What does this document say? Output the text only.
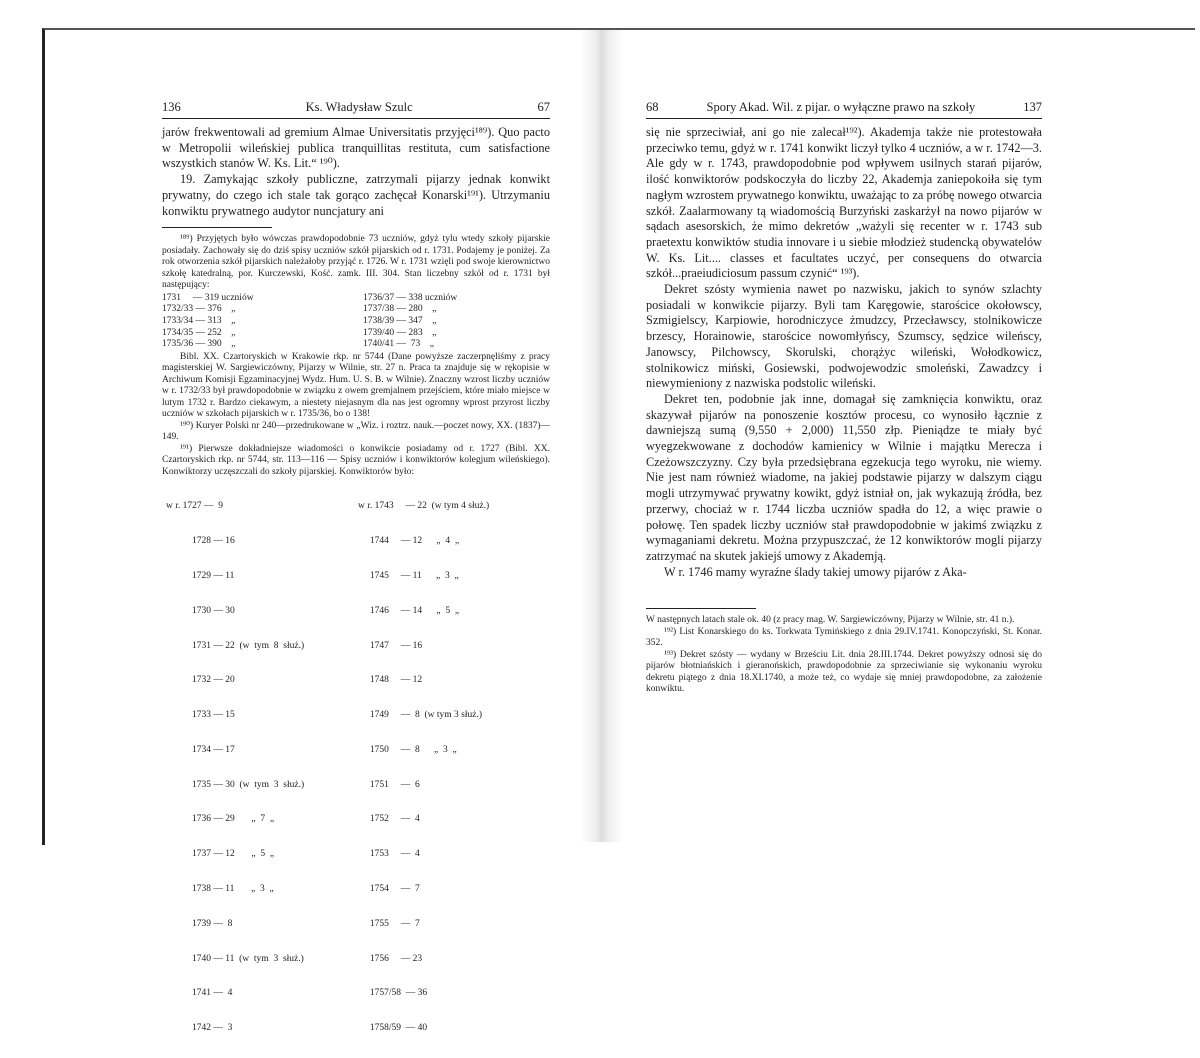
136	Ks. Władysław Szulc	67

jarów frekwentowali ad gremium Almae Universitatis przyjęci¹⁸⁹). Quo pacto w Metropolii wileńskiej publica tranquillitas restituta, cum satisfactione wszystkich stanów W. Ks. Lit.“ ¹⁹⁰).

19. Zamykając szkoły publiczne, zatrzymali pijarzy jednak konwikt prywatny, do czego ich stale tak gorąco zachęcał Konarski¹⁹¹). Utrzymaniu konwiktu prywatnego audytor nuncjatury ani

¹⁸⁹) Przyjętych było wówczas prawdopodobnie 73 uczniów, gdyż tylu wtedy szkoły pijarskie posiadały. Zachowały się do dziś spisy uczniów szkół pijarskich od r. 1731. Podajemy je poniżej. Za rok otworzenia szkół pijarskich należałoby przyjąć r. 1726. W r. 1731 wzięli pod swoje kierownictwo szkołę katedralną, por. Kurczewski, Kość. zamk. III. 304. Stan liczebny szkół od r. 1731 był następujący:

1731     — 319 uczniów
1732/33 — 376    „
1733/34 — 313    „
1734/35 — 252    „
1735/36 — 390    „
1736/37 — 338 uczniów
1737/38 — 280    „
1738/39 — 347    „
1739/40 — 283    „
1740/41 —  73    „

Bibl. XX. Czartoryskich w Krakowie rkp. nr 5744 (Dane powyższe zaczerpnęliśmy z pracy magisterskiej W. Sargiewiczówny, Pijarzy w Wilnie, str. 27 n. Praca ta znajduje się w rękopisie w Archiwum Komisji Egzaminacyjnej Wydz. Hum. U. S. B. w Wilnie). Znaczny wzrost liczby uczniów w r. 1732/33 był prawdopodobnie w związku z owem gremjalnem przejściem, które miało miejsce w lutym 1732 r. Bardzo ciekawym, a niestety niejasnym dla nas jest ogromny wprost przyrost liczby uczniów w szkołach pijarskich w r. 1735/36, bo o 138!

¹⁹⁰) Kuryer Polski nr 240—przedrukowane w „Wiz. i roztrz. nauk.—poczet nowy, XX. (1837)—149.

¹⁹¹) Pierwsze dokładniejsze wiadomości o konwikcie posiadamy od r. 1727 (Bibl. XX. Czartoryskich rkp. nr 5744, str. 113—116 — Spisy uczniów i konwiktorów kolegjum wileńskiego). Konwiktorzy uczęszczali do szkoły pijarskiej. Konwiktorów było:

w r. 1727 —  9

1728 — 16

1729 — 11

1730 — 30

1731 — 22  (w  tym  8  służ.)

1732 — 20

1733 — 15

1734 — 17

1735 — 30  (w  tym  3  służ.)

1736 — 29       „  7  „

1737 — 12       „  5  „

1738 — 11       „  3  „

1739 —  8

1740 — 11  (w  tym  3  służ.)

1741 —  4

1742 —  3

w r. 1743     — 22  (w tym 4 służ.)

1744     — 12      „  4  „

1745     — 11      „  3  „

1746     — 14      „  5  „

1747     — 16

1748     — 12

1749     —  8  (w tym 3 służ.)

1750     —  8      „  3  „

1751     —  6

1752     —  4

1753     —  4

1754     —  7

1755     —  7

1756     — 23

1757/58  — 36

1758/59  — 40

68	Spory Akad. Wil. z pijar. o wyłączne prawo na szkoły	137

się nie sprzeciwiał, ani go nie zalecał¹⁹²). Akademja także nie protestowała przeciwko temu, gdyż w r. 1741 konwikt liczył tylko 4 uczniów, a w r. 1742—3. Ale gdy w r. 1743, prawdopodobnie pod wpływem usilnych starań pijarów, ilość konwiktorów podskoczyła do liczby 22, Akademja zaniepokoiła się tym nagłym wzrostem prywatnego konwiktu, uważając to za próbę nowego otwarcia szkół. Zaalarmowany tą wiadomością Burzyński zaskarżył na nowo pijarów w sądach asesorskich, że mimo dekretów „ważyli się recenter w r. 1743 sub praetextu konwiktów studia innovare i u siebie młodzież studencką obywatelów W. Ks. Lit.... classes et facultates uczyć, per consequens do otwarcia szkół...praeiudiciosum passum czynić“ ¹⁹³).

Dekret szósty wymienia nawet po nazwisku, jakich to synów szlachty posiadali w konwikcie pijarzy. Byli tam Karęgowie, starościce okołowscy, Szmigielscy, Karpiowie, horodniczyce żmudzcy, Przecławscy, stolnikowicze brzescy, Horainowie, starościce nowomłyńscy, Szumscy, sędzice wileńscy, Janowscy, Pilchowscy, Skorulski, chorążyc wileński, Wołodkowicz, stolnikowicz miński, Gosiewski, podwojewodzic smoleński, Zawadzcy i niewymieniony z nazwiska podstolic wileński.

Dekret ten, podobnie jak inne, domagał się zamknięcia konwiktu, oraz skazywał pijarów na ponoszenie kosztów procesu, co wynosiło łącznie z dawniejszą sumą (9,550 + 2,000) 11,550 złp. Pieniądze te miały być wyegzekwowane z dochodów kamienicy w Wilnie i majątku Merecza i Czeżowszczyzny. Czy była przedsiębrana egzekucja tego wyroku, nie wiemy. Nie jest nam również wiadome, na jakiej podstawie pijarzy w dalszym ciągu mogli utrzymywać prywatny kowikt, gdyż istniał on, jak wykazują źródła, bez przerwy, chociaż w r. 1744 liczba uczniów spadła do 12, a więc prawie o połowę. Ten spadek liczby uczniów stał prawdopodobnie w jakimś związku z wymaganiami dekretu. Można przypuszczać, że 12 konwiktorów mogli pijarzy zatrzymać na skutek jakiejś umowy z Akademją.

W r. 1746 mamy wyraźne ślady takiej umowy pijarów z Aka-

W następnych latach stale ok. 40 (z pracy mag. W. Sargiewiczówny, Pijarzy w Wilnie, str. 41 n.).

¹⁹²) List Konarskiego do ks. Torkwata Tymińskiego z dnia 29.IV.1741. Konopczyński, St. Konar. 352.

¹⁹³) Dekret szósty — wydany w Brześciu Lit. dnia 28.III.1744. Dekret powyższy odnosi się do pijarów błotniańskich i gieranońskich, prawdopodobnie za sprzeciwianie się wykonaniu wyroku dekretu piątego z dnia 18.XI.1740, a może też, co wydaje się mniej prawdopodobne, za założenie konwiktu.
